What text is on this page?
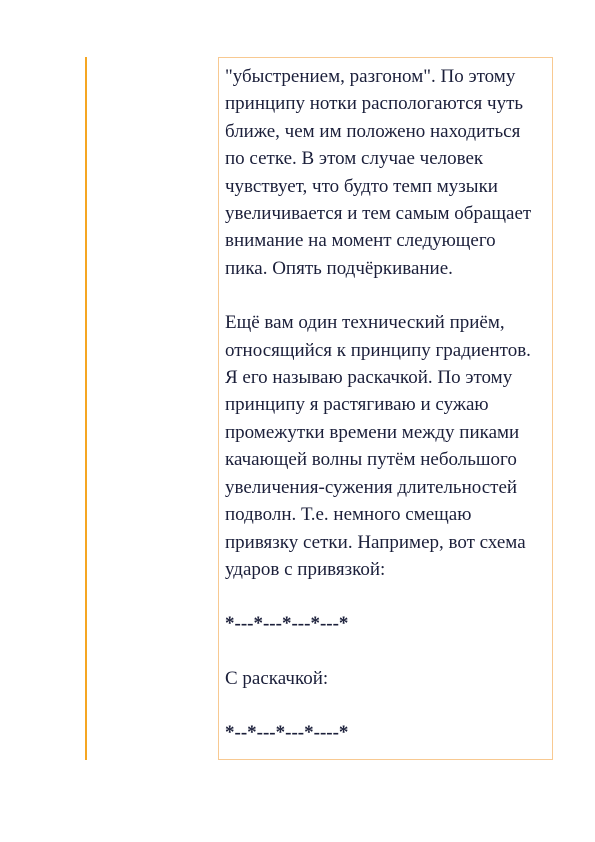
"убыстрением, разгоном". По этому
принципу нотки распологаются чуть
ближе, чем им положено находиться
по сетке. В этом случае человек
чувствует, что будто темп музыки
увеличивается и тем самым обращает
внимание на момент следующего
пика. Опять подчёркивание.

Ещё вам один технический приём,
относящийся к принципу градиентов.
Я его называю раскачкой. По этому
принципу я растягиваю и сужаю
промежутки времени между пиками
качающей волны путём небольшого
увеличения-сужения длительностей
подволн. Т.е. немного смещаю
привязку сетки. Например, вот схема
ударов с привязкой:

*---*---*---*---*

С раскачкой:

*--*---*---*----*
